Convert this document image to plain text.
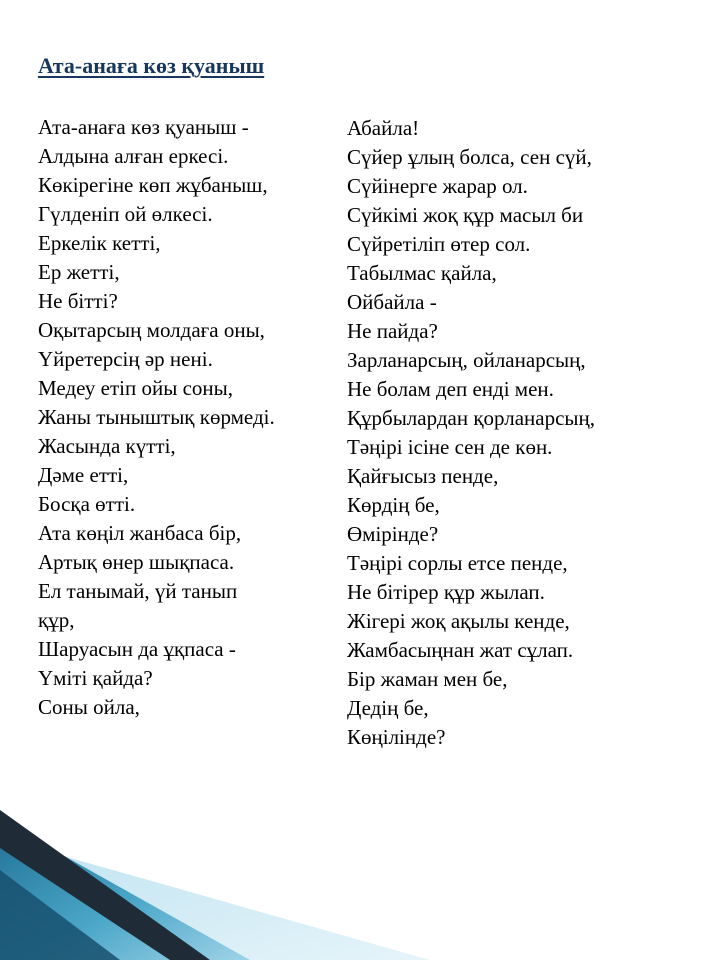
Ата-анаға көз қуаныш
Ата-анаға көз қуаныш -
Алдына алған еркесі.
Көкірегіне көп жұбаныш,
Гүлденіп ой өлкесі.
Еркелік кетті,
Ер жетті,
Не бітті?
Оқытарсың молдаға оны,
Үйретерсің әр нені.
Медеу етіп ойы соны,
Жаны тыныштық көрмеді.
Жасында күтті,
Дәме етті,
Босқа өтті.
Ата көңіл жанбаса бір,
Артық өнер шықпаса.
Ел танымай, үй танып
құр,
Шаруасын да ұқпаса -
Үміті қайда?
Соны ойла,
Абайла!
Сүйер ұлың болса, сен сүй,
Сүйінерге жарар ол.
Сүйкімі жоқ құр масыл би
Сүйретіліп өтер сол.
Табылмас қайла,
Ойбайла -
Не пайда?
Зарланарсың, ойланарсың,
Не болам деп енді мен.
Құрбылардан қорланарсың,
Тәңірі ісіне сен де көн.
Қайғысыз пенде,
Көрдің бе,
Өмірінде?
Тәңірі сорлы етсе пенде,
Не бітірер құр жылап.
Жігері жоқ ақылы кенде,
Жамбасыңнан жат сұлап.
Бір жаман мен бе,
Дедің бе,
Көңілінде?
